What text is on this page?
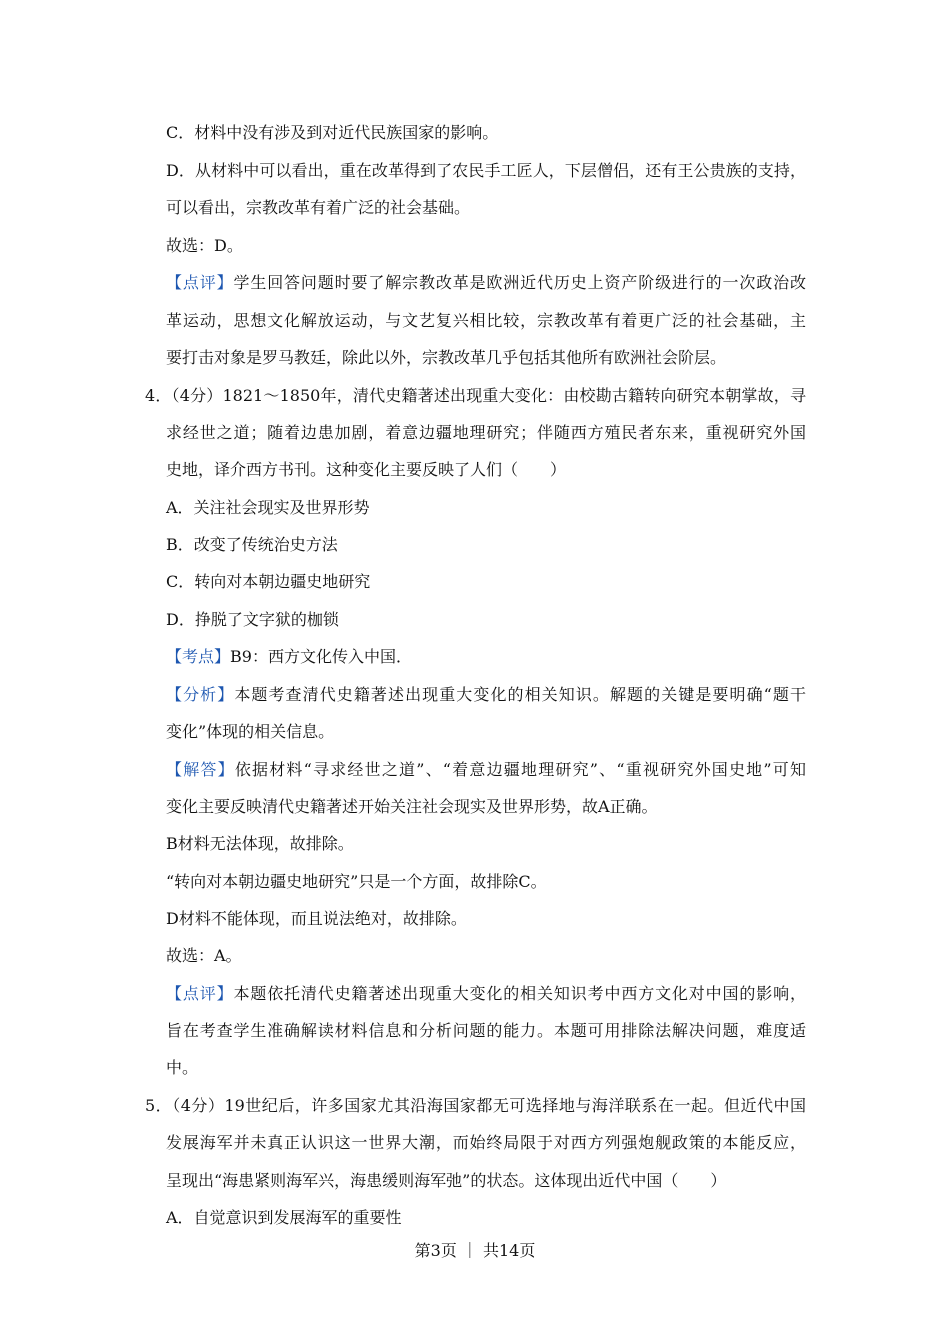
C．材料中没有涉及到对近代民族国家的影响。
D．从材料中可以看出，重在改革得到了农民手工匠人，下层僧侣，还有王公贵族的支持，
可以看出，宗教改革有着广泛的社会基础。
故选：D。
【点评】学生回答问题时要了解宗教改革是欧洲近代历史上资产阶级进行的一次政治改
革运动，思想文化解放运动，与文艺复兴相比较，宗教改革有着更广泛的社会基础，主
要打击对象是罗马教廷，除此以外，宗教改革几乎包括其他所有欧洲社会阶层。
4．（4分）1821～1850年，清代史籍著述出现重大变化：由校勘古籍转向研究本朝掌故，寻
求经世之道；随着边患加剧，着意边疆地理研究；伴随西方殖民者东来，重视研究外国
史地，译介西方书刊。这种变化主要反映了人们（　　）
A．关注社会现实及世界形势
B．改变了传统治史方法
C．转向对本朝边疆史地研究
D．挣脱了文字狱的枷锁
【考点】B9：西方文化传入中国．
【分析】本题考查清代史籍著述出现重大变化的相关知识。解题的关键是要明确“题干
变化”体现的相关信息。
【解答】依据材料“寻求经世之道”、“着意边疆地理研究”、“重视研究外国史地”可知
变化主要反映清代史籍著述开始关注社会现实及世界形势，故A正确。
B材料无法体现，故排除。
“转向对本朝边疆史地研究”只是一个方面，故排除C。
D材料不能体现，而且说法绝对，故排除。
故选：A。
【点评】本题依托清代史籍著述出现重大变化的相关知识考中西方文化对中国的影响，
旨在考查学生准确解读材料信息和分析问题的能力。本题可用排除法解决问题，难度适
中。
5．（4分）19世纪后，许多国家尤其沿海国家都无可选择地与海洋联系在一起。但近代中国
发展海军并未真正认识这一世界大潮，而始终局限于对西方列强炮舰政策的本能反应，
呈现出“海患紧则海军兴，海患缓则海军弛”的状态。这体现出近代中国（　　）
A．自觉意识到发展海军的重要性
第3页 ｜ 共14页
